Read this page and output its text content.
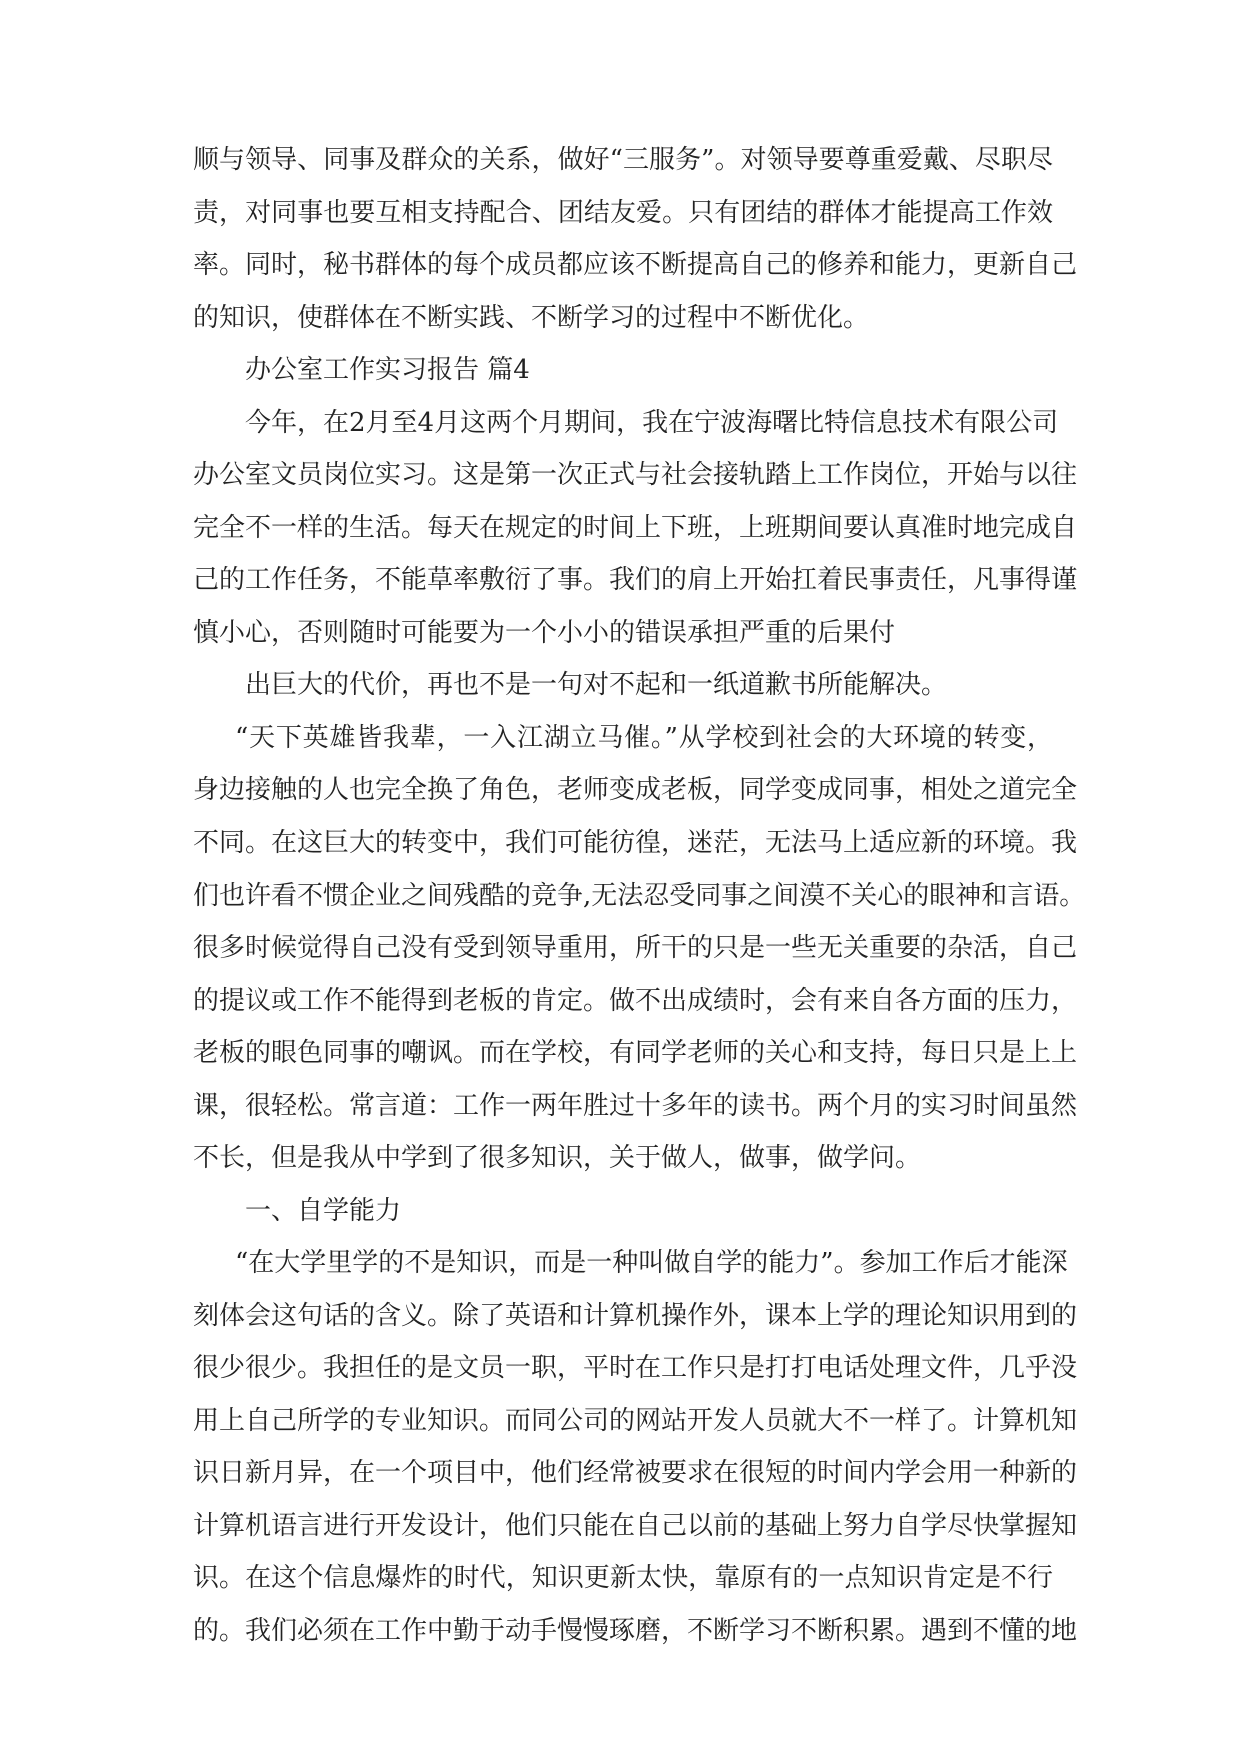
顺与领导、同事及群众的关系，做好“三服务”。对领导要尊重爱戴、尽职尽
责，对同事也要互相支持配合、团结友爱。只有团结的群体才能提高工作效
率。同时，秘书群体的每个成员都应该不断提高自己的修养和能力，更新自己
的知识，使群体在不断实践、不断学习的过程中不断优化。
办公室工作实习报告 篇4
今年，在2月至4月这两个月期间，我在宁波海曙比特信息技术有限公司
办公室文员岗位实习。这是第一次正式与社会接轨踏上工作岗位，开始与以往
完全不一样的生活。每天在规定的时间上下班，上班期间要认真准时地完成自
己的工作任务，不能草率敷衍了事。我们的肩上开始扛着民事责任，凡事得谨
慎小心，否则随时可能要为一个小小的错误承担严重的后果付
出巨大的代价，再也不是一句对不起和一纸道歉书所能解决。
“天下英雄皆我辈，一入江湖立马催。”从学校到社会的大环境的转变，
身边接触的人也完全换了角色，老师变成老板，同学变成同事，相处之道完全
不同。在这巨大的转变中，我们可能彷徨，迷茫，无法马上适应新的环境。我
们也许看不惯企业之间残酷的竞争,无法忍受同事之间漠不关心的眼神和言语。
很多时候觉得自己没有受到领导重用，所干的只是一些无关重要的杂活，自己
的提议或工作不能得到老板的肯定。做不出成绩时，会有来自各方面的压力，
老板的眼色同事的嘲讽。而在学校，有同学老师的关心和支持，每日只是上上
课，很轻松。常言道：工作一两年胜过十多年的读书。两个月的实习时间虽然
不长，但是我从中学到了很多知识，关于做人，做事，做学问。
一、自学能力
“在大学里学的不是知识，而是一种叫做自学的能力”。参加工作后才能深
刻体会这句话的含义。除了英语和计算机操作外，课本上学的理论知识用到的
很少很少。我担任的是文员一职，平时在工作只是打打电话处理文件，几乎没
用上自己所学的专业知识。而同公司的网站开发人员就大不一样了。计算机知
识日新月异，在一个项目中，他们经常被要求在很短的时间内学会用一种新的
计算机语言进行开发设计，他们只能在自己以前的基础上努力自学尽快掌握知
识。在这个信息爆炸的时代，知识更新太快，靠原有的一点知识肯定是不行
的。我们必须在工作中勤于动手慢慢琢磨，不断学习不断积累。遇到不懂的地
